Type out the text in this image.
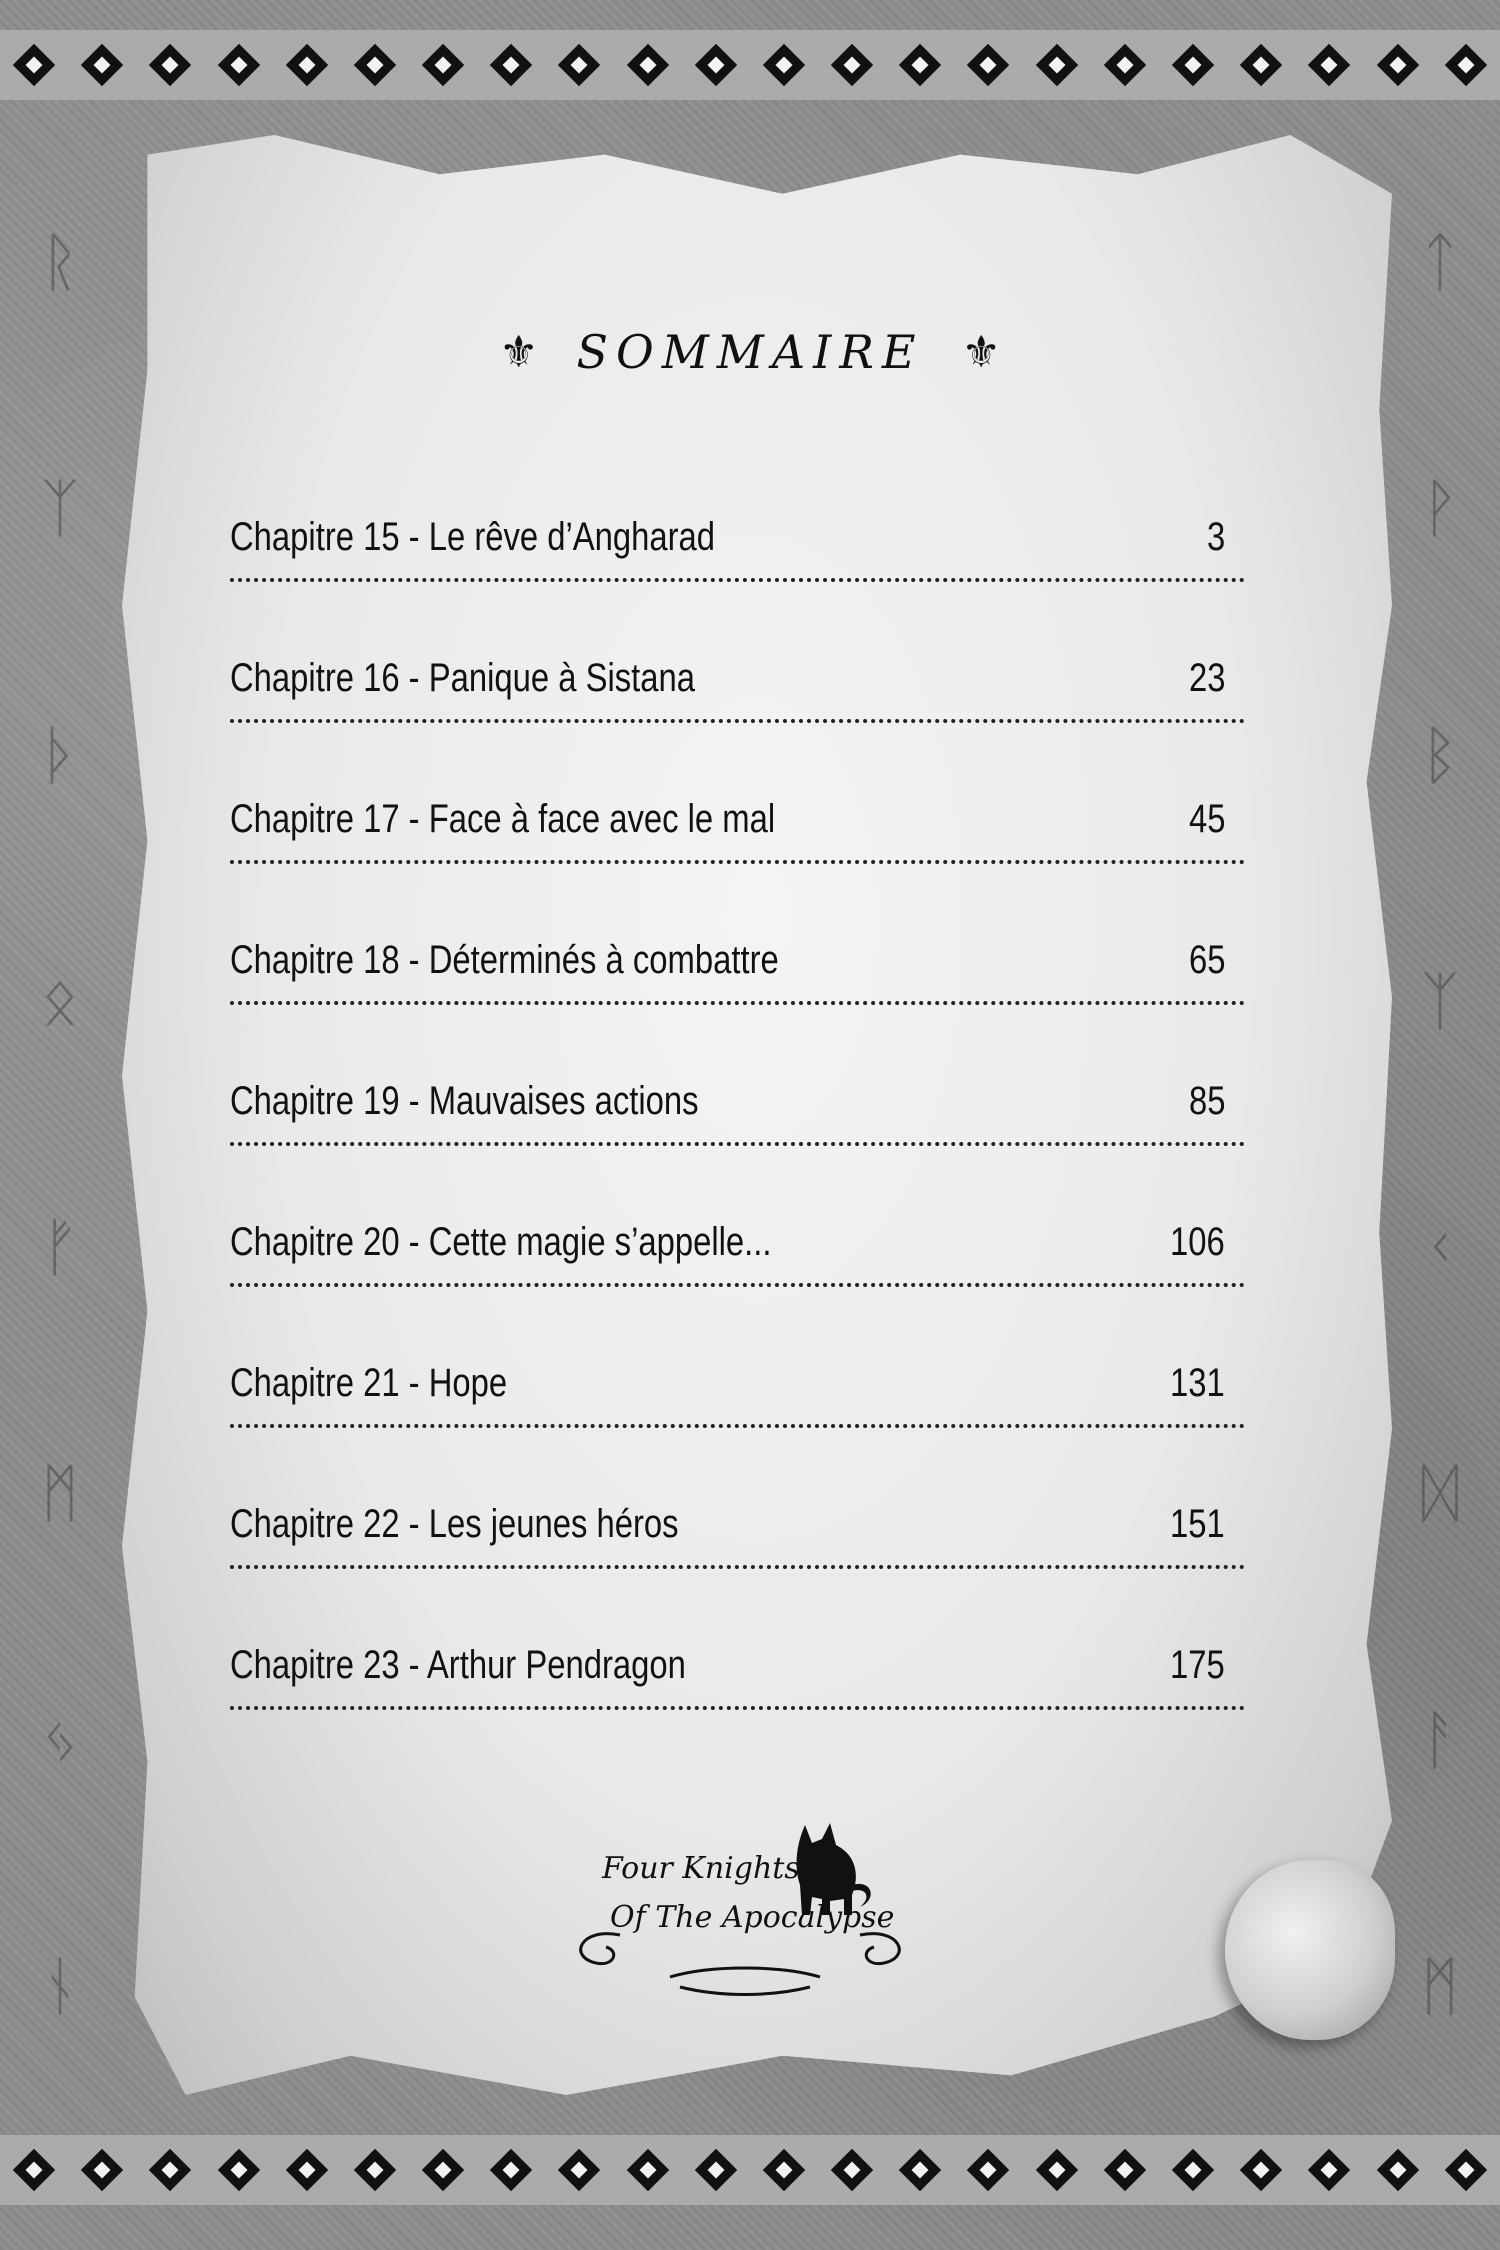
ᚱ
ᛉ
ᚦ
ᛟ
ᚠ
ᛗ
ᛃ
ᚾ
ᛏ
ᚹ
ᛒ
ᛉ
ᚲ
ᛞ
ᚨ
ᛗ
⚜ SOMMAIRE ⚜
Chapitre 15 - Le rêve d’Angharad	3
Chapitre 16 - Panique à Sistana	23
Chapitre 17 - Face à face avec le mal	45
Chapitre 18 - Déterminés à combattre	65
Chapitre 19 - Mauvaises actions	85
Chapitre 20 - Cette magie s’appelle...	106
Chapitre 21 - Hope	131
Chapitre 22 - Les jeunes héros	151
Chapitre 23 - Arthur Pendragon	175
Four Knights
Of The Apocalypse
